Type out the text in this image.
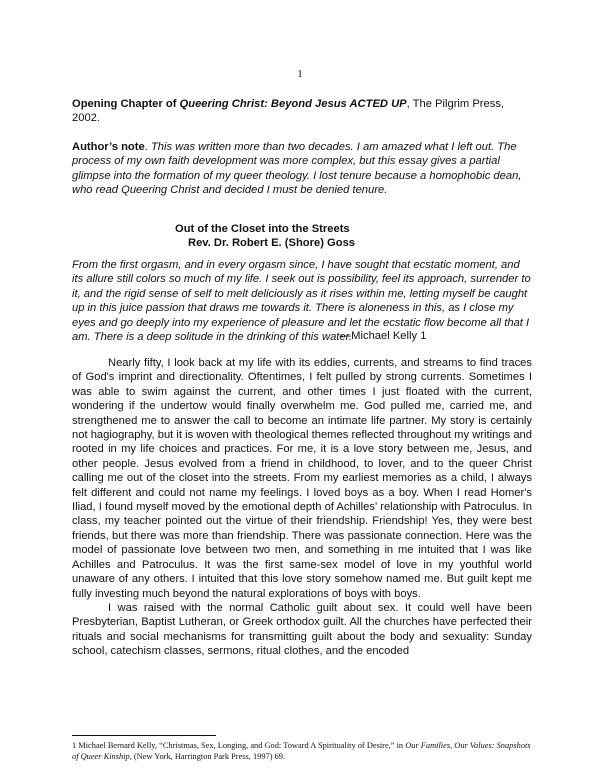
1
Opening Chapter of Queering Christ: Beyond Jesus ACTED UP, The Pilgrim Press, 2002.
Author’s note. This was written more than two decades. I am amazed what I left out. The process of my own faith development was more complex, but this essay gives a partial glimpse into the formation of my queer theology. I lost tenure because a homophobic dean, who read Queering Christ and decided I must be denied tenure.
Out of the Closet into the Streets
Rev. Dr. Robert E. (Shore) Goss
From the first orgasm, and in every orgasm since, I have sought that ecstatic moment, and its allure still colors so much of my life. I seek out is possibility, feel its approach, surrender to it, and the rigid sense of self to melt deliciously as it rises within me, letting myself be caught up in this juice passion that draws me towards it. There is aloneness in this, as I close my eyes and go deeply into my experience of pleasure and let the ecstatic flow become all that I am. There is a deep solitude in the drinking of this water.
---Michael Kelly 1

Nearly fifty, I look back at my life with its eddies, currents, and streams to find traces of God's imprint and directionality. Oftentimes, I felt pulled by strong currents. Sometimes I was able to swim against the current, and other times I just floated with the current, wondering if the undertow would finally overwhelm me. God pulled me, carried me, and strengthened me to answer the call to become an intimate life partner. My story is certainly not hagiography, but it is woven with theological themes reflected throughout my writings and rooted in my life choices and practices. For me, it is a love story between me, Jesus, and other people. Jesus evolved from a friend in childhood, to lover, and to the queer Christ calling me out of the closet into the streets. From my earliest memories as a child, I always felt different and could not name my feelings. I loved boys as a boy. When I read Homer's Iliad, I found myself moved by the emotional depth of Achilles' relationship with Patroculus. In class, my teacher pointed out the virtue of their friendship. Friendship! Yes, they were best friends, but there was more than friendship. There was passionate connection. Here was the model of passionate love between two men, and something in me intuited that I was like Achilles and Patroculus. It was the first same-sex model of love in my youthful world unaware of any others. I intuited that this love story somehow named me. But guilt kept me fully investing much beyond the natural explorations of boys with boys.

I was raised with the normal Catholic guilt about sex. It could well have been Presbyterian, Baptist Lutheran, or Greek orthodox guilt. All the churches have perfected their rituals and social mechanisms for transmitting guilt about the body and sexuality: Sunday school, catechism classes, sermons, ritual clothes, and the encoded

1 Michael Bernard Kelly, “Christmas, Sex, Longing, and God: Toward A Spirituality of Desire,” in Our Families, Our Values: Snapshots of Queer Kinship, (New York, Harrington Park Press, 1997) 69.
